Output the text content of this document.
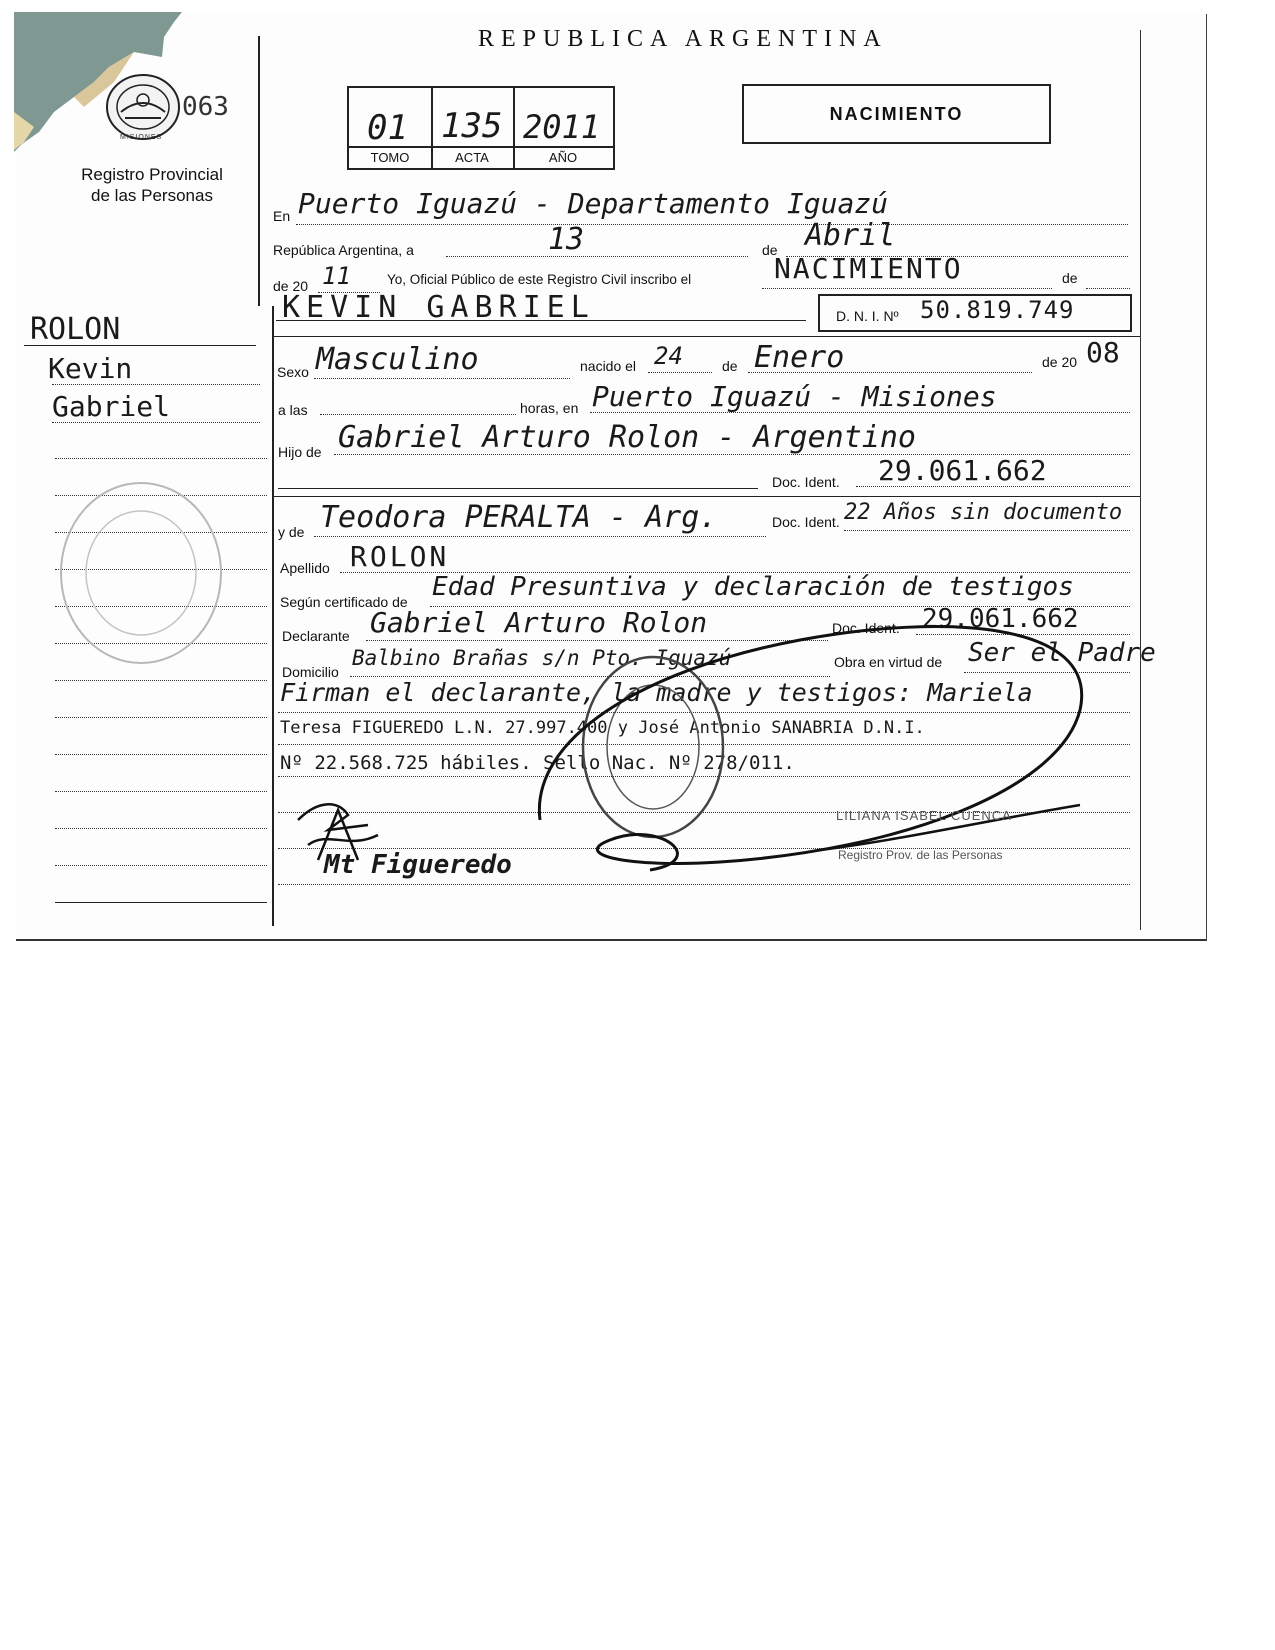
MISIONES
063
Registro Provincial
de las Personas
REPUBLICA ARGENTINA
01 135 2011
TOMO	ACTA	AÑO
NACIMIENTO
ROLON
Kevin
Gabriel
En Puerto Iguazú - Departamento Iguazú
República Argentina, a	13	de Abril
de 20 11	Yo, Oficial Público de este Registro Civil inscribo el	NACIMIENTO	de
KEVIN GABRIEL	D. N. I. Nº 50.819.749
Sexo Masculino	nacido el 24	de Enero	de 20 08
a las	horas, en Puerto Iguazú - Misiones
Hijo de Gabriel Arturo Rolon - Argentino
Doc. Ident. 29.061.662
y de Teodora PERALTA - Arg.	Doc. Ident. 22 Años sin documento
Apellido ROLON
Según certificado de Edad Presuntiva y declaración de testigos
Declarante Gabriel Arturo Rolon	Doc. Ident. 29.061.662
Domicilio
Balbino Brañas s/n Pto. Iguazú	Obra en virtud de Ser el Padre
Firman el declarante, la madre y testigos: Mariela
Teresa FIGUEREDO L.N. 27.997.400 y José Antonio SANABRIA D.N.I.
Nº 22.568.725 hábiles. Sello Nac. Nº 278/011.
LILIANA ISABEL CUENCA
Registro Prov. de las Personas
Mt Figueredo
